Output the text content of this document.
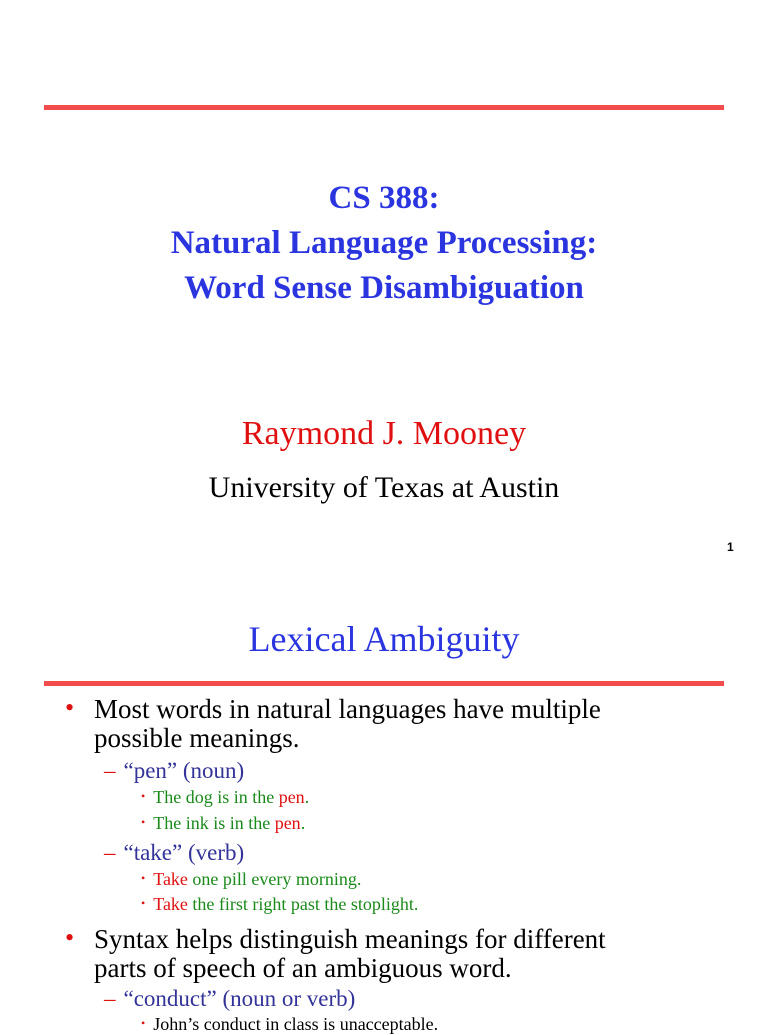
CS 388:
Natural Language Processing:
Word Sense Disambiguation
Raymond J. Mooney
University of Texas at Austin
1
Lexical Ambiguity
• Most words in natural languages have multiple
possible meanings.
– “pen” (noun)
• The dog is in the pen.
• The ink is in the pen.
– “take” (verb)
• Take one pill every morning.
• Take the first right past the stoplight.
• Syntax helps distinguish meanings for different
parts of speech of an ambiguous word.
– “conduct” (noun or verb)
• John’s conduct in class is unacceptable.
